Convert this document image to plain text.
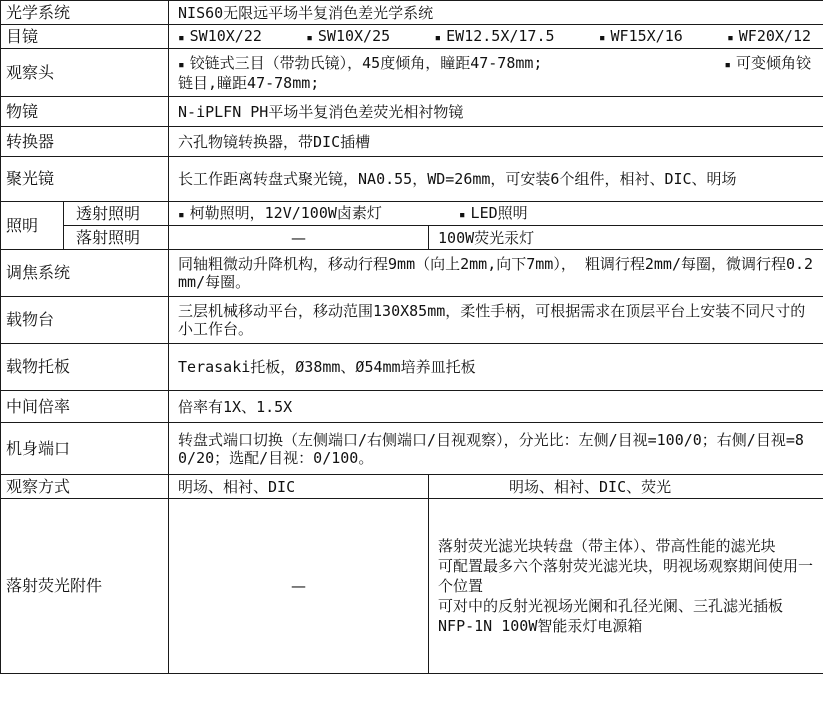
光学系统		NIS60无限远平场半复消色差光学系统	
目镜		▪ SW10X/22 ▪ SW10X/25 ▪ EW12.5X/17.5 ▪ WF15X/16 ▪ WF20X/12

观察头		▪ 铰链式三目（带勃氏镜），45度倾角，瞳距47-78mm; ▪ 可变倾角铰
链目,瞳距47-78mm;

物镜		N-iPLFN PH平场半复消色差荧光相衬物镜	
转换器		六孔物镜转换器，带DIC插槽	
聚光镜		长工作距离转盘式聚光镜，NA0.55，WD=26mm，可安装6个组件，相衬、DIC、明场	
照明	透射照明	▪ 柯勒照明，12V/100W卤素灯 ▪ LED照明
	落射照明	—	100W荧光汞灯
调焦系统		同轴粗微动升降机构，移动行程9mm（向上2mm,向下7mm）， 粗调行程2mm/每圈，微调行程0.2mm/每圈。	
载物台		三层机械移动平台，移动范围130X85mm，柔性手柄，可根据需求在顶层平台上安装不同尺寸的小工作台。	
载物托板		Terasaki托板，Ø38mm、Ø54mm培养皿托板	
中间倍率		倍率有1X、1.5X	
机身端口		转盘式端口切换（左侧端口/右侧端口/目视观察），分光比：左侧/目视=100/0；右侧/目视=80/20；选配/目视：0/100。	
观察方式		明场、相衬、DIC	明场、相衬、DIC、荧光
落射荧光附件		—	落射荧光滤光块转盘（带主体）、带高性能的滤光块
可配置最多六个落射荧光滤光块，明视场观察期间使用一个位置
可对中的反射光视场光阑和孔径光阑、三孔滤光插板
NFP-1N 100W智能汞灯电源箱
